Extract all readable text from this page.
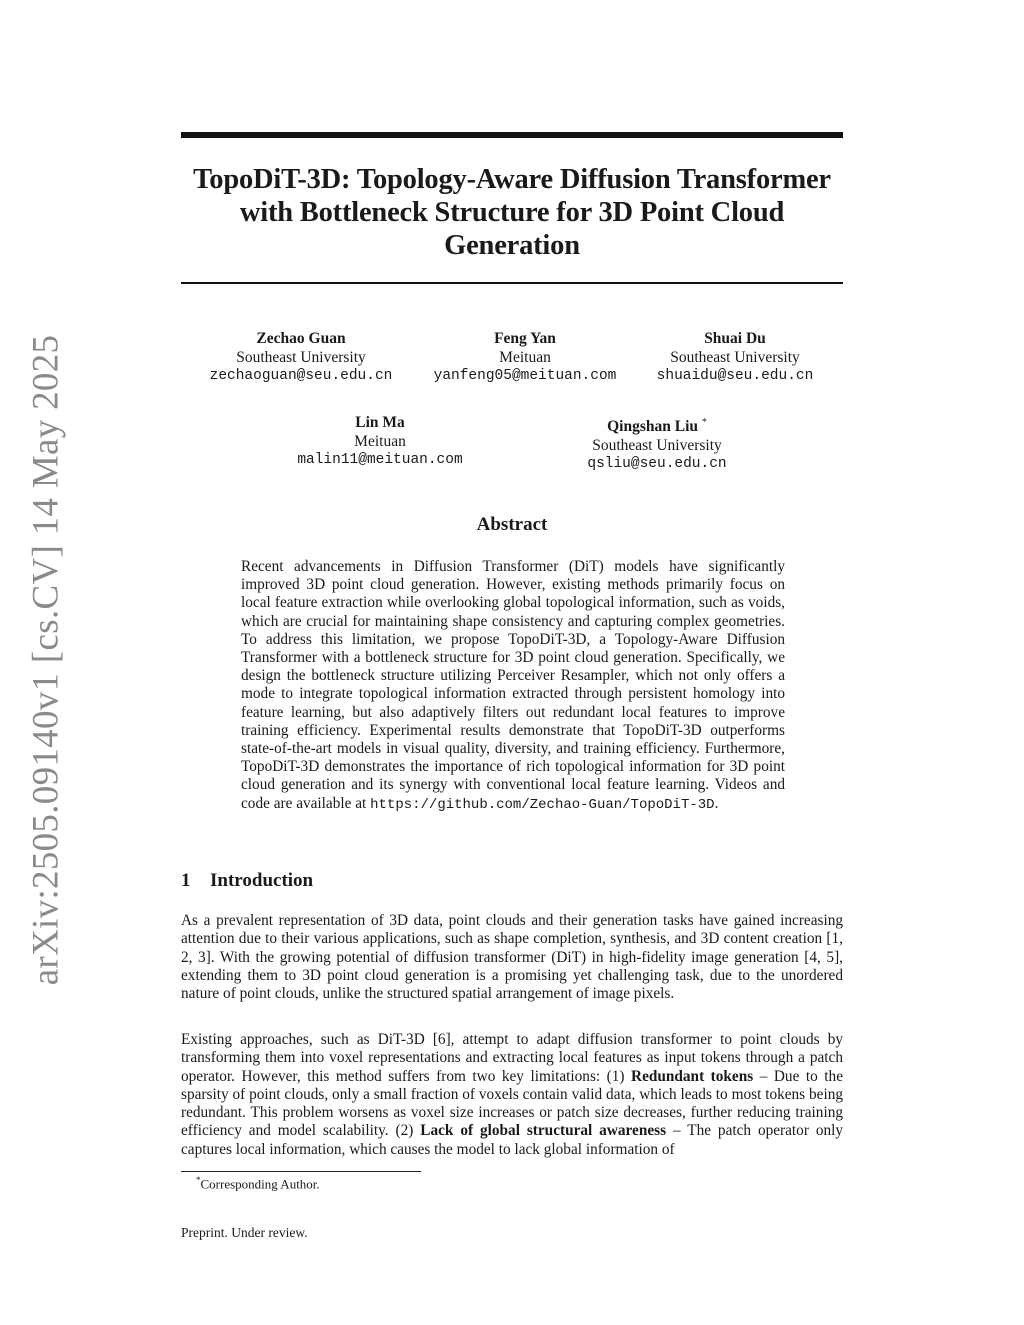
arXiv:2505.09140v1 [cs.CV] 14 May 2025
TopoDiT-3D: Topology-Aware Diffusion Transformer with Bottleneck Structure for 3D Point Cloud Generation
Zechao Guan
Southeast University
zechaoguan@seu.edu.cn
Feng Yan
Meituan
yanfeng05@meituan.com
Shuai Du
Southeast University
shuaidu@seu.edu.cn
Lin Ma
Meituan
malin11@meituan.com
Qingshan Liu *
Southeast University
qsliu@seu.edu.cn
Abstract

Recent advancements in Diffusion Transformer (DiT) models have significantly improved 3D point cloud generation. However, existing methods primarily focus on local feature extraction while overlooking global topological information, such as voids, which are crucial for maintaining shape consistency and capturing complex geometries. To address this limitation, we propose TopoDiT-3D, a Topology-Aware Diffusion Transformer with a bottleneck structure for 3D point cloud generation. Specifically, we design the bottleneck structure utilizing Perceiver Resampler, which not only offers a mode to integrate topological information extracted through persistent homology into feature learning, but also adaptively filters out redundant local features to improve training efficiency. Experimental results demonstrate that TopoDiT-3D outperforms state-of-the-art models in visual quality, diversity, and training efficiency. Furthermore, TopoDiT-3D demonstrates the importance of rich topological information for 3D point cloud generation and its synergy with conventional local feature learning. Videos and code are available at https://github.com/Zechao-Guan/TopoDiT-3D.

1 Introduction

As a prevalent representation of 3D data, point clouds and their generation tasks have gained increasing attention due to their various applications, such as shape completion, synthesis, and 3D content creation [1, 2, 3]. With the growing potential of diffusion transformer (DiT) in high-fidelity image generation [4, 5], extending them to 3D point cloud generation is a promising yet challenging task, due to the unordered nature of point clouds, unlike the structured spatial arrangement of image pixels.

Existing approaches, such as DiT-3D [6], attempt to adapt diffusion transformer to point clouds by transforming them into voxel representations and extracting local features as input tokens through a patch operator. However, this method suffers from two key limitations: (1) Redundant tokens – Due to the sparsity of point clouds, only a small fraction of voxels contain valid data, which leads to most tokens being redundant. This problem worsens as voxel size increases or patch size decreases, further reducing training efficiency and model scalability. (2) Lack of global structural awareness – The patch operator only captures local information, which causes the model to lack global information of

*Corresponding Author.
Preprint. Under review.
